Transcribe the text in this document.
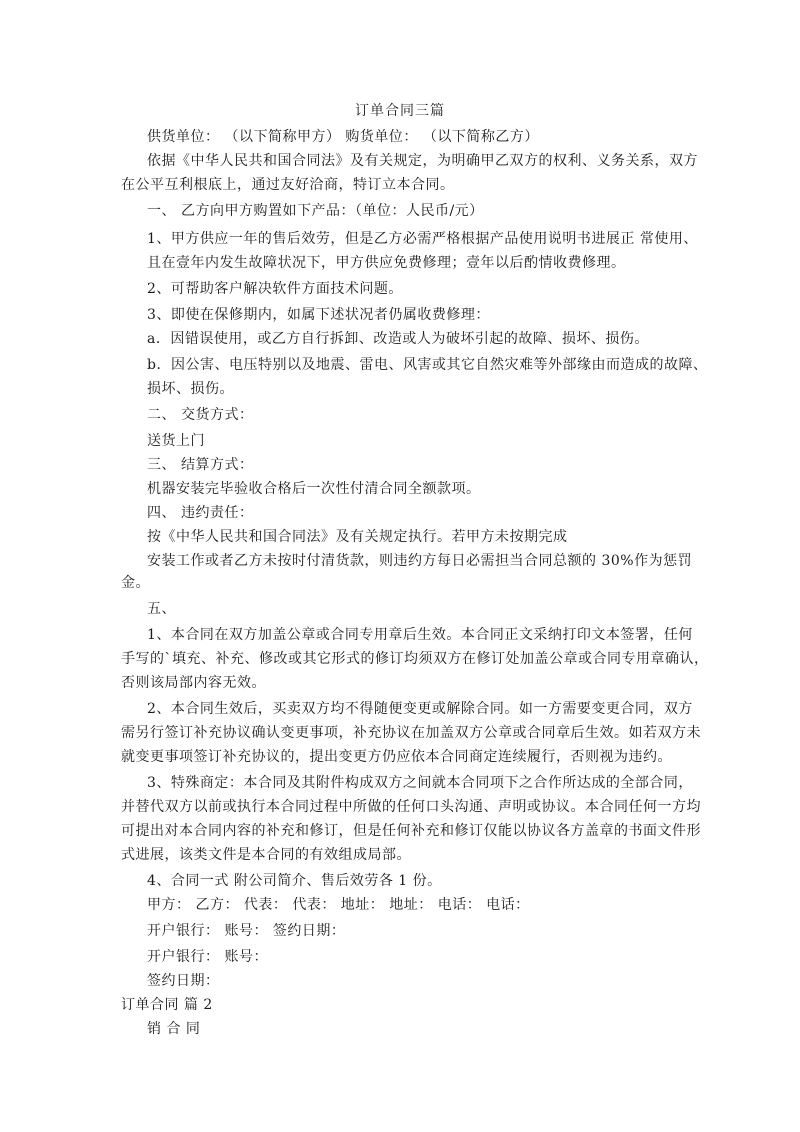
订单合同三篇
供货单位： （以下简称甲方） 购货单位： （以下简称乙方）
依据《中华人民共和国合同法》及有关规定，为明确甲乙双方的权利、义务关系，双方
在公平互利根底上，通过友好洽商，特订立本合同。
一、 乙方向甲方购置如下产品：（单位：人民币/元）
1、甲方供应一年的售后效劳，但是乙方必需严格根据产品使用说明书进展正 常使用、
且在壹年内发生故障状况下，甲方供应免费修理；壹年以后酌情收费修理。
2、可帮助客户解决软件方面技术问题。
3、即使在保修期内，如属下述状况者仍属收费修理：
a．因错误使用，或乙方自行拆卸、改造或人为破坏引起的故障、损坏、损伤。
b．因公害、电压特别以及地震、雷电、风害或其它自然灾难等外部缘由而造成的故障、
损坏、损伤。
二、 交货方式：
送货上门
三、 结算方式：
机器安装完毕验收合格后一次性付清合同全额款项。
四、 违约责任：
按《中华人民共和国合同法》及有关规定执行。若甲方未按期完成
安装工作或者乙方未按时付清货款，则违约方每日必需担当合同总额的 30%作为惩罚
金。
五、
1、本合同在双方加盖公章或合同专用章后生效。本合同正文采纳打印文本签署，任何
手写的`填充、补充、修改或其它形式的修订均须双方在修订处加盖公章或合同专用章确认，
否则该局部内容无效。
2、本合同生效后，买卖双方均不得随便变更或解除合同。如一方需要变更合同，双方
需另行签订补充协议确认变更事项，补充协议在加盖双方公章或合同章后生效。如若双方未
就变更事项签订补充协议的，提出变更方仍应依本合同商定连续履行，否则视为违约。
3、特殊商定：本合同及其附件构成双方之间就本合同项下之合作所达成的全部合同，
并替代双方以前或执行本合同过程中所做的任何口头沟通、声明或协议。本合同任何一方均
可提出对本合同内容的补充和修订，但是任何补充和修订仅能以协议各方盖章的书面文件形
式进展，该类文件是本合同的有效组成局部。
4、合同一式 附公司简介、售后效劳各 1 份。
甲方： 乙方： 代表： 代表： 地址： 地址： 电话： 电话：
开户银行： 账号： 签约日期：
开户银行： 账号：
签约日期：
订单合同 篇 2
销 合 同
